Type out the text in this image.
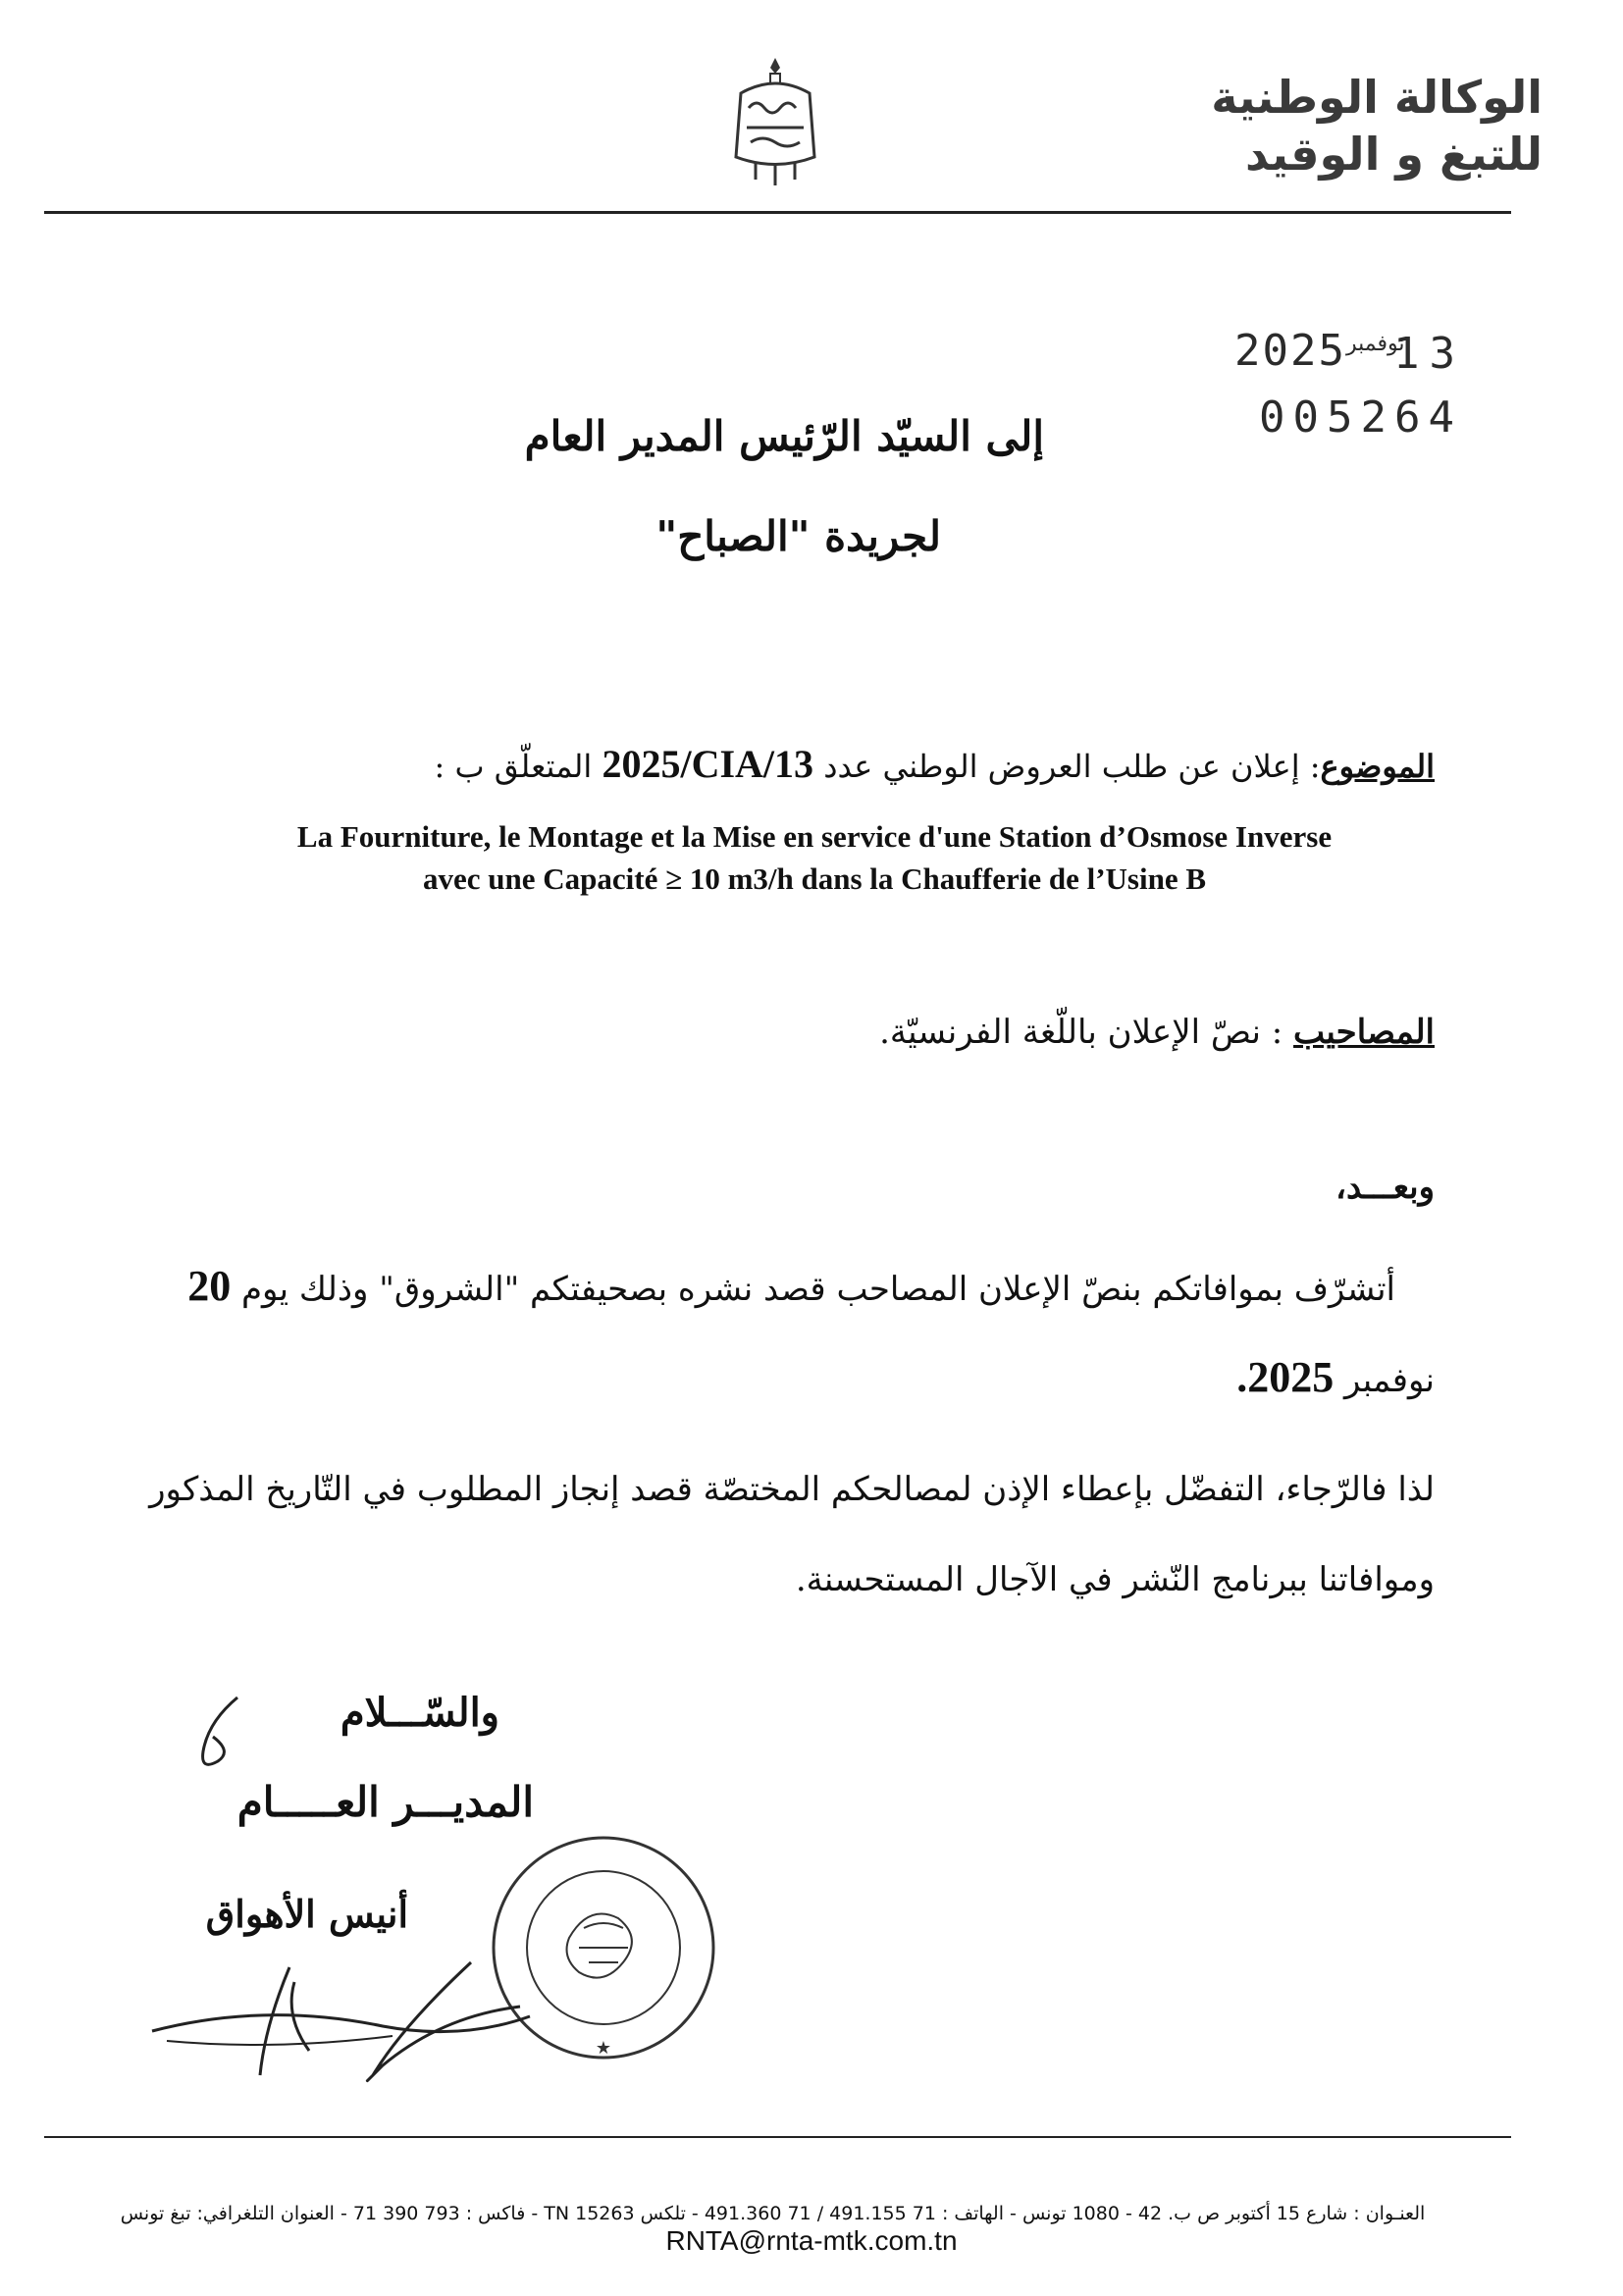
الوكالة الوطنية
للتبغ و الوقيد
13
نوفمبر
2025
005264
إلى السيّد الرّئيس المدير العام
لجريدة "الصباح"
الموضوع: إعلان عن طلب العروض الوطني عدد 2025/CIA/13 المتعلّق ب :
La Fourniture, le Montage et la Mise en service d'une Station d’Osmose Inverse
avec une Capacité ≥ 10 m3/h dans la Chaufferie de l’Usine B
المصاحيب : نصّ الإعلان باللّغة الفرنسيّة.
وبعـــد،
أتشرّف بموافاتكم بنصّ الإعلان المصاحب قصد نشره بصحيفتكم "الشروق" وذلك يوم 20
نوفمبر 2025.
لذا فالرّجاء، التفضّل بإعطاء الإذن لمصالحكم المختصّة قصد إنجاز المطلوب في التّاريخ المذكور
وموافاتنا ببرنامج النّشر في الآجال المستحسنة.
والسّـــلام
المديـــر العـــــام
أنيس الأهواق
★
العنـوان : شارع 15 أكتوبر ص ب. 42 - 1080 تونس - الهاتف : 71 491.155 / 71 491.360 - تلكس TN 15263 - فاكس : 793 390 71 - العنوان التلغرافي: تبغ تونس
RNTA@rnta-mtk.com.tn
